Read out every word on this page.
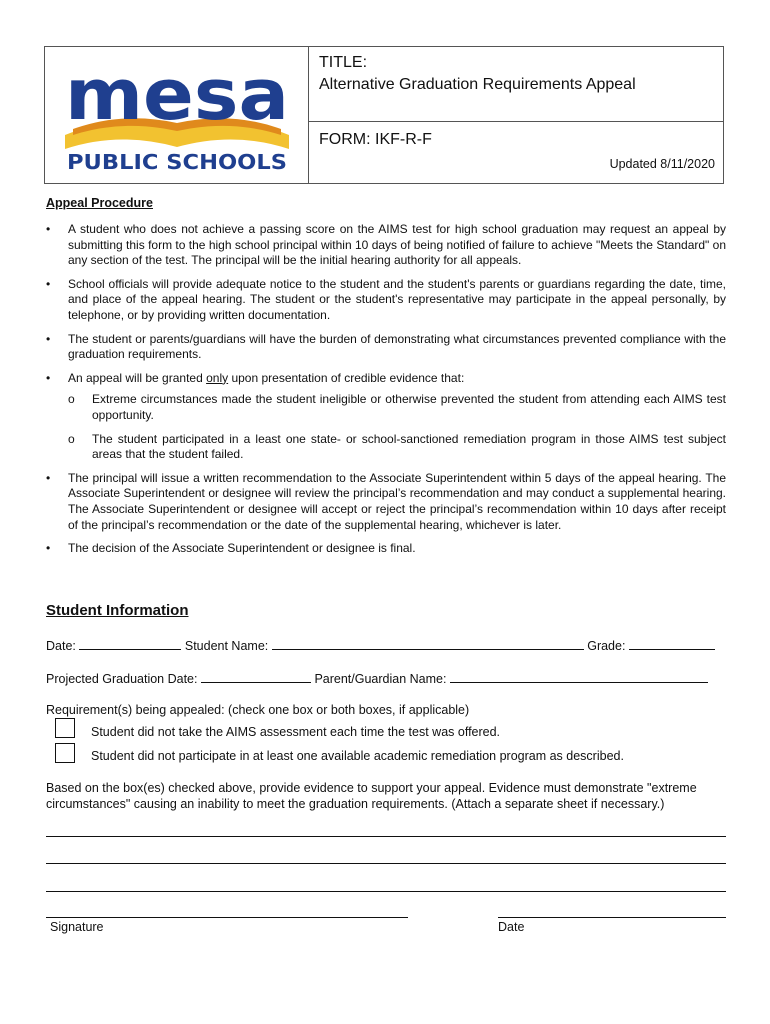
mesa
PUBLIC SCHOOLS
TITLE:
Alternative Graduation Requirements Appeal
FORM: IKF-R-F
Updated 8/11/2020
Appeal Procedure
• A student who does not achieve a passing score on the AIMS test for high school graduation may request an appeal by submitting this form to the high school principal within 10 days of being notified of failure to achieve "Meets the Standard" on any section of the test. The principal will be the initial hearing authority for all appeals.
• School officials will provide adequate notice to the student and the student's parents or guardians regarding the date, time, and place of the appeal hearing. The student or the student's representative may participate in the appeal personally, by telephone, or by providing written documentation.
• The student or parents/guardians will have the burden of demonstrating what circumstances prevented compliance with the graduation requirements.
• An appeal will be granted only upon presentation of credible evidence that:
o Extreme circumstances made the student ineligible or otherwise prevented the student from attending each AIMS test opportunity.
o The student participated in a least one state- or school-sanctioned remediation program in those AIMS test subject areas that the student failed.
• The principal will issue a written recommendation to the Associate Superintendent within 5 days of the appeal hearing. The Associate Superintendent or designee will review the principal’s recommendation and may conduct a supplemental hearing. The Associate Superintendent or designee will accept or reject the principal’s recommendation within 10 days after receipt of the principal’s recommendation or the date of the supplemental hearing, whichever is later.
• The decision of the Associate Superintendent or designee is final.
Student Information
Date:	Student Name:	Grade:
Projected Graduation Date:	Parent/Guardian Name:
Requirement(s) being appealed: (check one box or both boxes, if applicable)
Student did not take the AIMS assessment each time the test was offered.
Student did not participate in at least one available academic remediation program as described.
Based on the box(es) checked above, provide evidence to support your appeal. Evidence must demonstrate "extreme circumstances" causing an inability to meet the graduation requirements. (Attach a separate sheet if necessary.)
Signature	Date
